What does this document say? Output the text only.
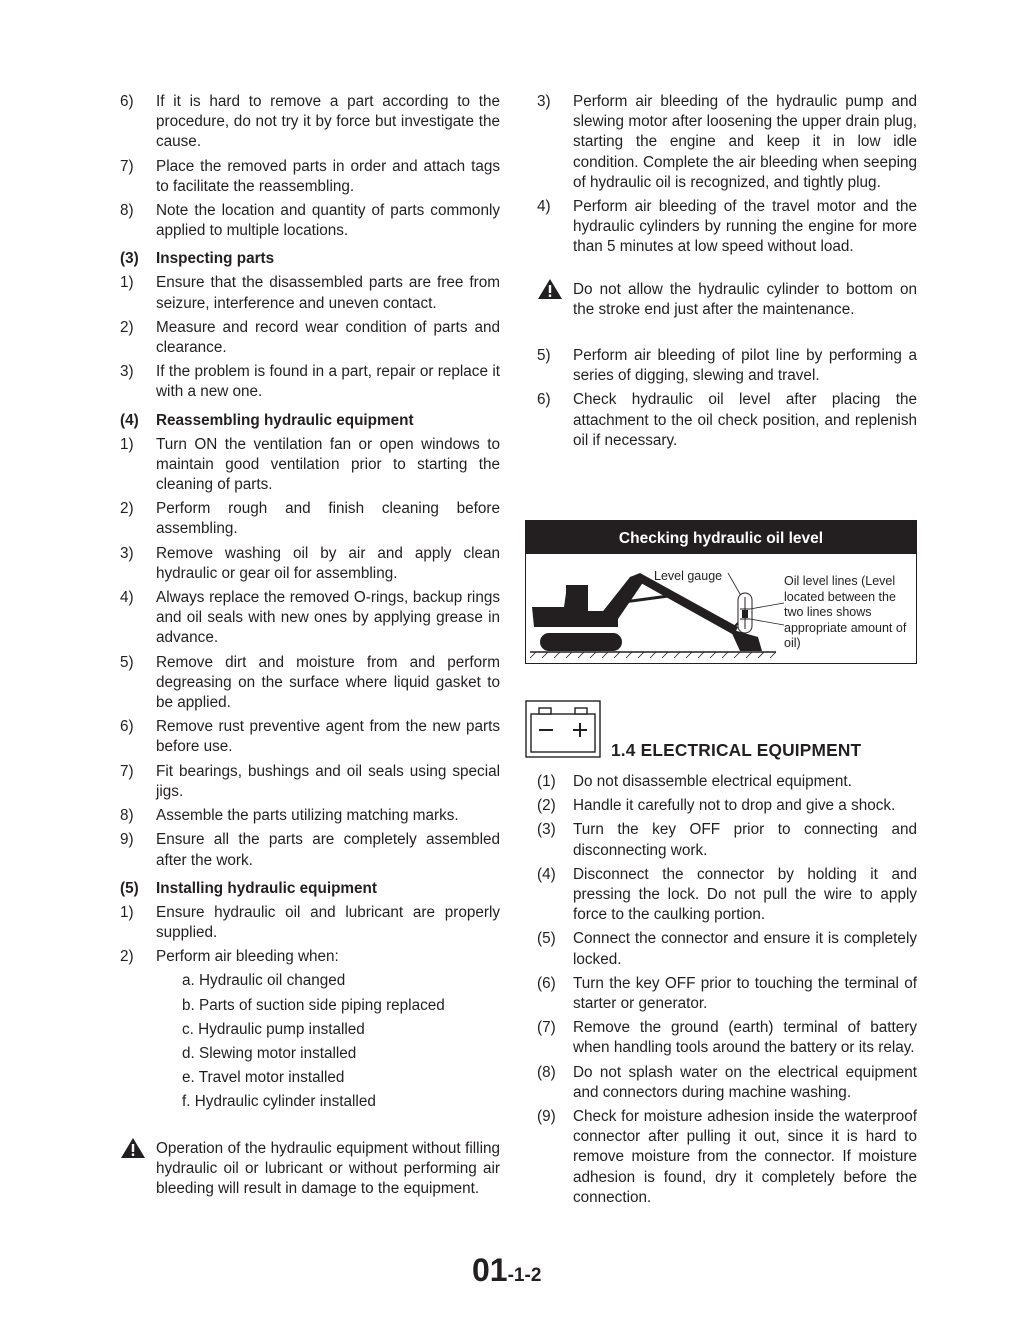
6)	If it is hard to remove a part according to the procedure, do not try it by force but investigate the cause.
7)	Place the removed parts in order and attach tags to facilitate the reassembling.
8)	Note the location and quantity of parts commonly applied to multiple locations.
(3)	Inspecting parts
1)	Ensure that the disassembled parts are free from seizure, interference and uneven contact.
2)	Measure and record wear condition of parts and clearance.
3)	If the problem is found in a part, repair or replace it with a new one.
(4)	Reassembling hydraulic equipment
1)	Turn ON the ventilation fan or open windows to maintain good ventilation prior to starting the cleaning of parts.
2)	Perform rough and finish cleaning before assembling.
3)	Remove washing oil by air and apply clean hydraulic or gear oil for assembling.
4)	Always replace the removed O-rings, backup rings and oil seals with new ones by applying grease in advance.
5)	Remove dirt and moisture from and perform degreasing on the surface where liquid gasket to be applied.
6)	Remove rust preventive agent from the new parts before use.
7)	Fit bearings, bushings and oil seals using special jigs.
8)	Assemble the parts utilizing matching marks.
9)	Ensure all the parts are completely assembled after the work.
(5)	Installing hydraulic equipment
1)	Ensure hydraulic oil and lubricant are properly supplied.
2)	Perform air bleeding when:
a. Hydraulic oil changed
b. Parts of suction side piping replaced
c. Hydraulic pump installed
d. Slewing motor installed
e. Travel motor installed
f. Hydraulic cylinder installed
Operation of the hydraulic equipment without filling hydraulic oil or lubricant or without performing air bleeding will result in damage to the equipment.
3)	Perform air bleeding of the hydraulic pump and slewing motor after loosening the upper drain plug, starting the engine and keep it in low idle condition. Complete the air bleeding when seeping of hydraulic oil is recognized, and tightly plug.
4)	Perform air bleeding of the travel motor and the hydraulic cylinders by running the engine for more than 5 minutes at low speed without load.
Do not allow the hydraulic cylinder to bottom on the stroke end just after the maintenance.
5)	Perform air bleeding of pilot line by performing a series of digging, slewing and travel.
6)	Check hydraulic oil level after placing the attachment to the oil check position, and replenish oil if necessary.
Checking hydraulic oil level
Level gauge	Oil level lines (Level located between the two lines shows appropriate amount of oil)
1.4 ELECTRICAL EQUIPMENT
(1)	Do not disassemble electrical equipment.
(2)	Handle it carefully not to drop and give a shock.
(3)	Turn the key OFF prior to connecting and disconnecting work.
(4)	Disconnect the connector by holding it and pressing the lock. Do not pull the wire to apply force to the caulking portion.
(5)	Connect the connector and ensure it is completely locked.
(6)	Turn the key OFF prior to touching the terminal of starter or generator.
(7)	Remove the ground (earth) terminal of battery when handling tools around the battery or its relay.
(8)	Do not splash water on the electrical equipment and connectors during machine washing.
(9)	Check for moisture adhesion inside the waterproof connector after pulling it out, since it is hard to remove moisture from the connector. If moisture adhesion is found, dry it completely before the connection.
01-1-2
